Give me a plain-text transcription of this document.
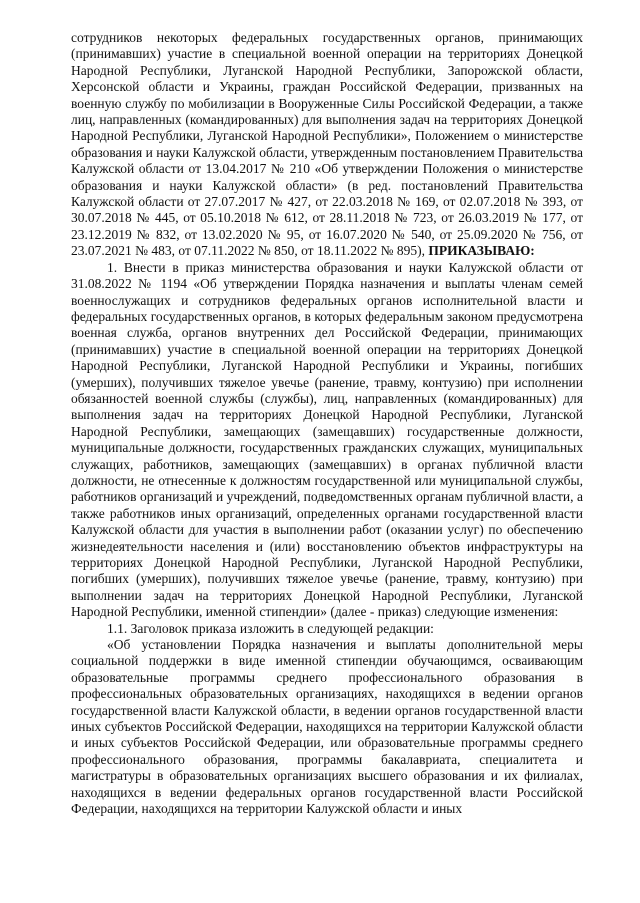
сотрудников некоторых федеральных государственных органов, принимающих (принимавших) участие в специальной военной операции на территориях Донецкой Народной Республики, Луганской Народной Республики, Запорожской области, Херсонской области и Украины, граждан Российской Федерации, призванных на военную службу по мобилизации в Вооруженные Силы Российской Федерации, а также лиц, направленных (командированных) для выполнения задач на территориях Донецкой Народной Республики, Луганской Народной Республики», Положением о министерстве образования и науки Калужской области, утвержденным постановлением Правительства Калужской области от 13.04.2017 № 210 «Об утверждении Положения о министерстве образования и науки Калужской области» (в ред. постановлений Правительства Калужской области от 27.07.2017 № 427, от 22.03.2018 № 169, от 02.07.2018 № 393, от 30.07.2018 № 445, от 05.10.2018 № 612, от 28.11.2018 № 723, от 26.03.2019 № 177, от 23.12.2019 № 832, от 13.02.2020 № 95, от 16.07.2020 № 540, от 25.09.2020 № 756, от 23.07.2021 № 483, от 07.11.2022 № 850, от 18.11.2022 № 895), ПРИКАЗЫВАЮ:

1. Внести в приказ министерства образования и науки Калужской области от 31.08.2022 № 1194 «Об утверждении Порядка назначения и выплаты членам семей военнослужащих и сотрудников федеральных органов исполнительной власти и федеральных государственных органов, в которых федеральным законом предусмотрена военная служба, органов внутренних дел Российской Федерации, принимающих (принимавших) участие в специальной военной операции на территориях Донецкой Народной Республики, Луганской Народной Республики и Украины, погибших (умерших), получивших тяжелое увечье (ранение, травму, контузию) при исполнении обязанностей военной службы (службы), лиц, направленных (командированных) для выполнения задач на территориях Донецкой Народной Республики, Луганской Народной Республики, замещающих (замещавших) государственные должности, муниципальные должности, государственных гражданских служащих, муниципальных служащих, работников, замещающих (замещавших) в органах публичной власти должности, не отнесенные к должностям государственной или муниципальной службы, работников организаций и учреждений, подведомственных органам публичной власти, а также работников иных организаций, определенных органами государственной власти Калужской области для участия в выполнении работ (оказании услуг) по обеспечению жизнедеятельности населения и (или) восстановлению объектов инфраструктуры на территориях Донецкой Народной Республики, Луганской Народной Республики, погибших (умерших), получивших тяжелое увечье (ранение, травму, контузию) при выполнении задач на территориях Донецкой Народной Республики, Луганской Народной Республики, именной стипендии» (далее - приказ) следующие изменения:

1.1. Заголовок приказа изложить в следующей редакции:

«Об установлении Порядка назначения и выплаты дополнительной меры социальной поддержки в виде именной стипендии обучающимся, осваивающим образовательные программы среднего профессионального образования в профессиональных образовательных организациях, находящихся в ведении органов государственной власти Калужской области, в ведении органов государственной власти иных субъектов Российской Федерации, находящихся на территории Калужской области и иных субъектов Российской Федерации, или образовательные программы среднего профессионального образования, программы бакалавриата, специалитета и магистратуры в образовательных организациях высшего образования и их филиалах, находящихся в ведении федеральных органов государственной власти Российской Федерации, находящихся на территории Калужской области и иных
